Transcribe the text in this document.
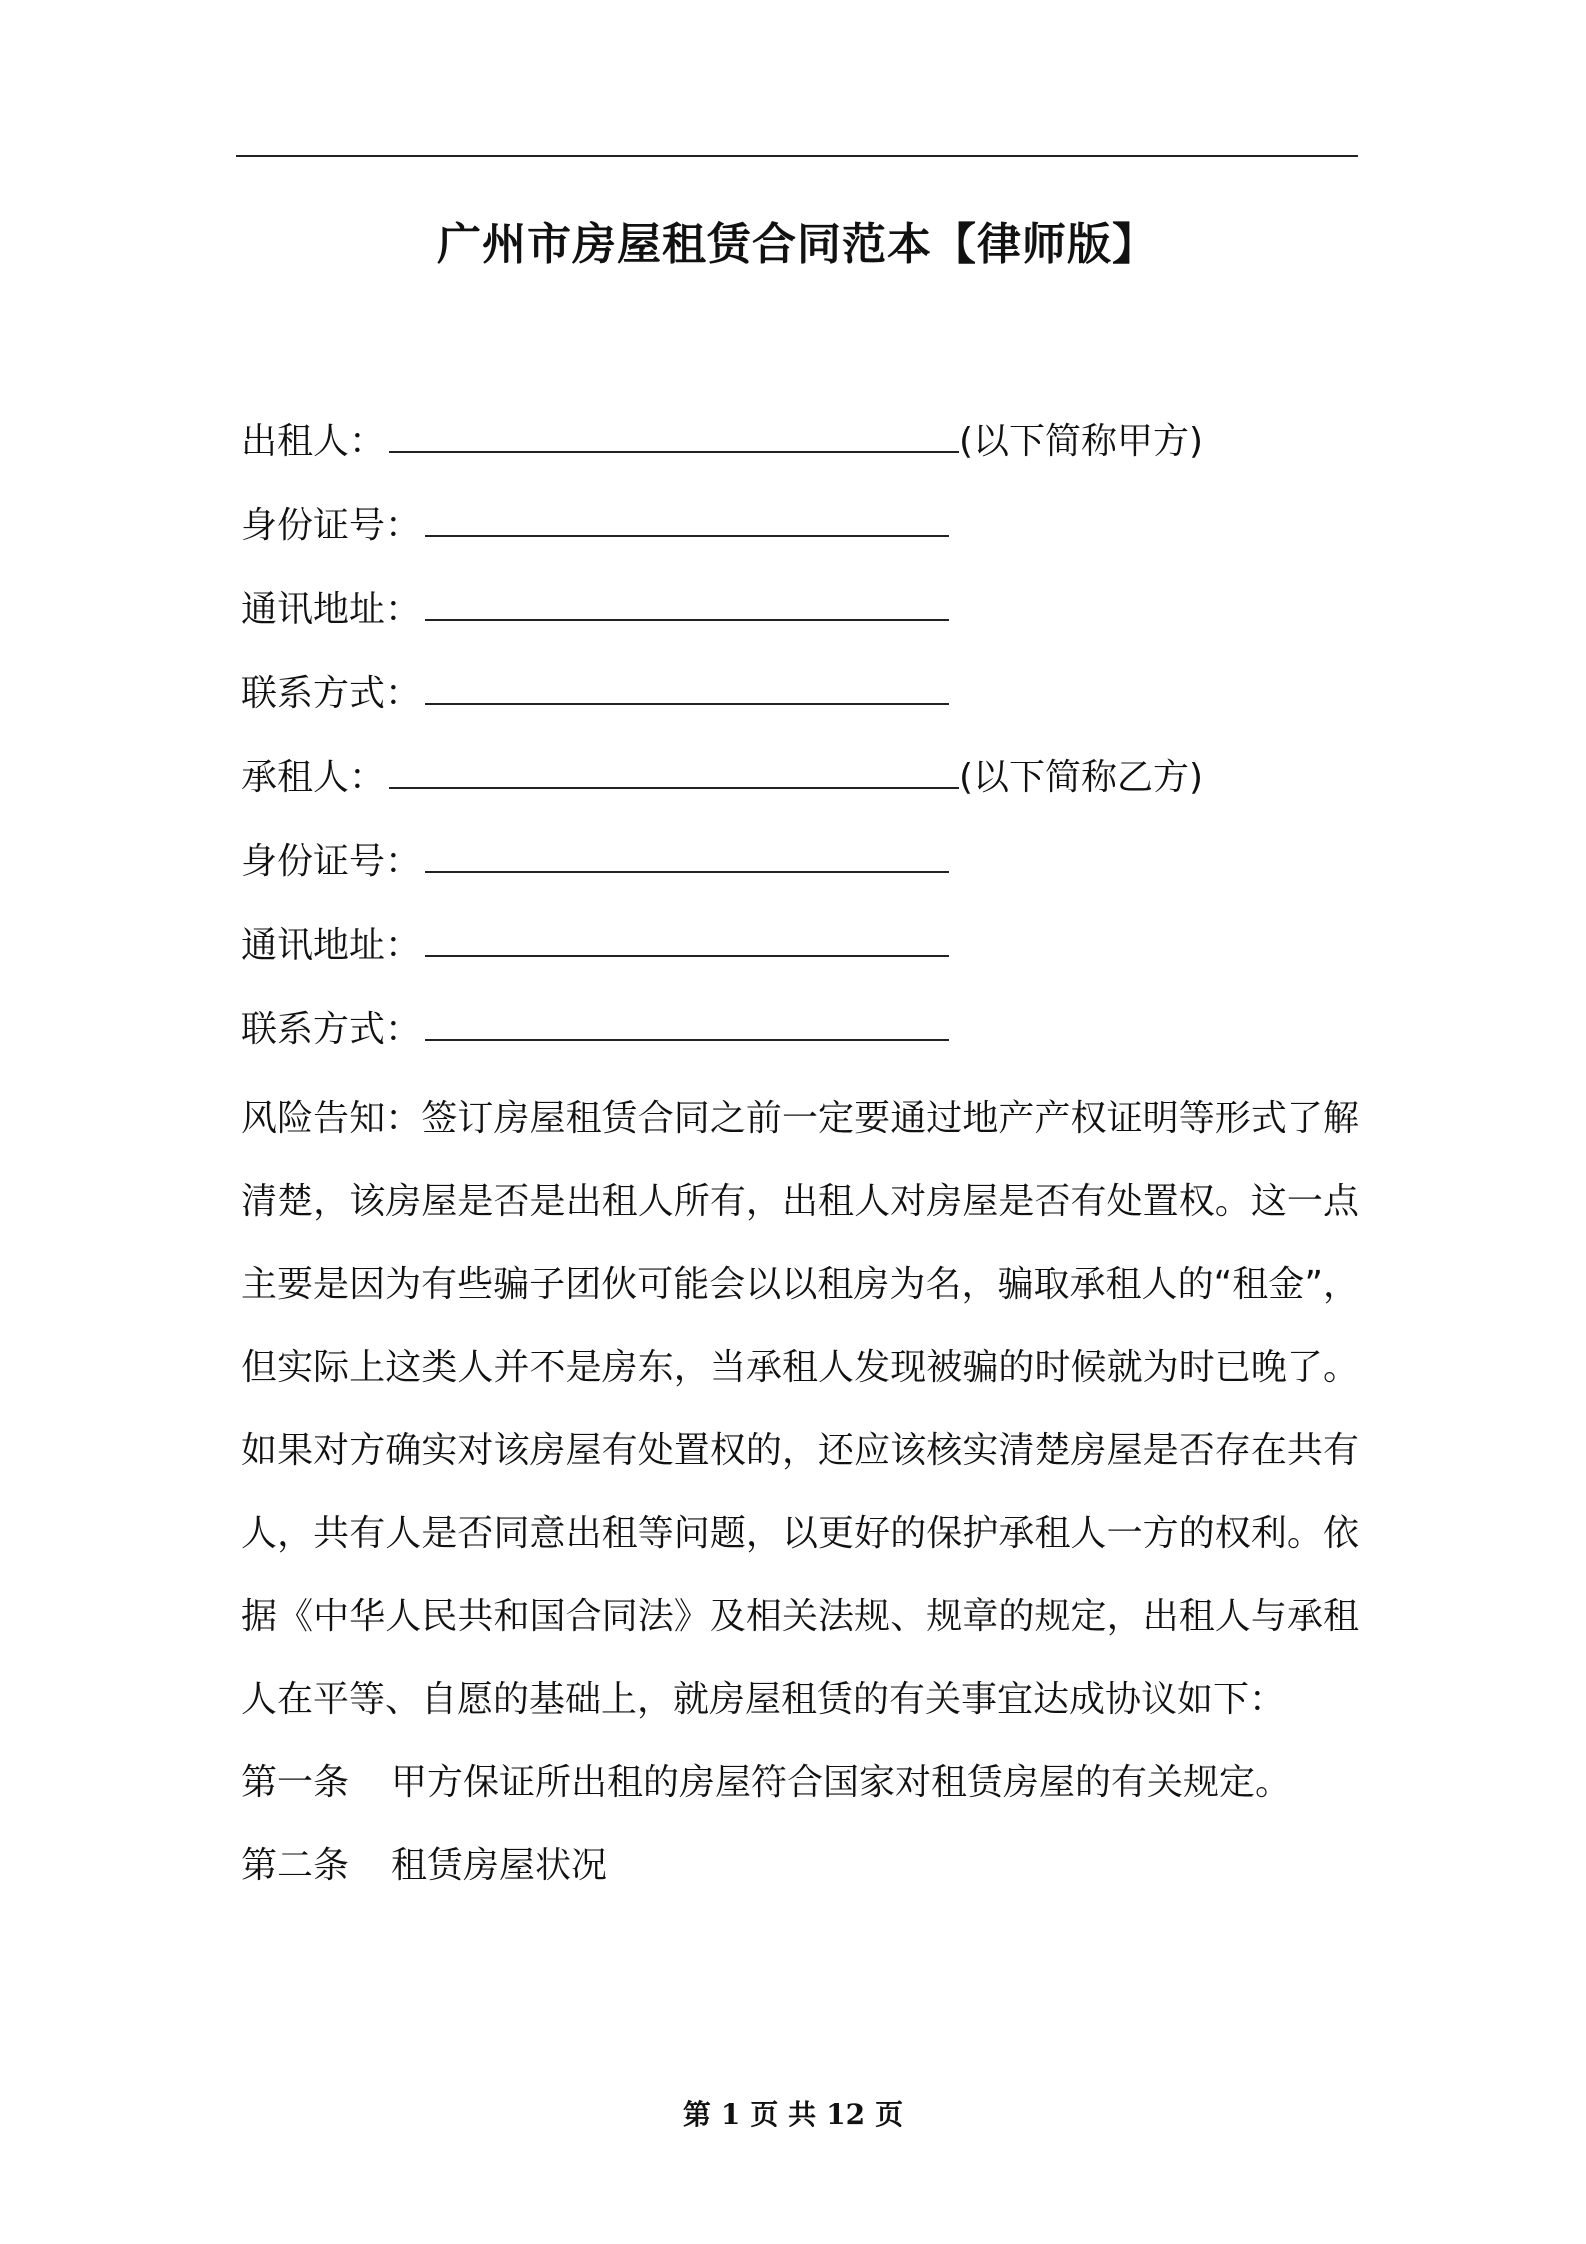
广州市房屋租赁合同范本【律师版】
出租人：	(以下简称甲方)
身份证号：
通讯地址：
联系方式：
承租人：	(以下简称乙方)
身份证号：
通讯地址：
联系方式：

风险告知：签订房屋租赁合同之前一定要通过地产产权证明等形式了解清楚，该房屋是否是出租人所有，出租人对房屋是否有处置权。这一点主要是因为有些骗子团伙可能会以以租房为名，骗取承租人的“租金”，但实际上这类人并不是房东，当承租人发现被骗的时候就为时已晚了。如果对方确实对该房屋有处置权的，还应该核实清楚房屋是否存在共有人，共有人是否同意出租等问题，以更好的保护承租人一方的权利。依据《中华人民共和国合同法》及相关法规、规章的规定，出租人与承租人在平等、自愿的基础上，就房屋租赁的有关事宜达成协议如下：

第一条 甲方保证所出租的房屋符合国家对租赁房屋的有关规定。
第二条 租赁房屋状况
第 1 页 共 12 页
